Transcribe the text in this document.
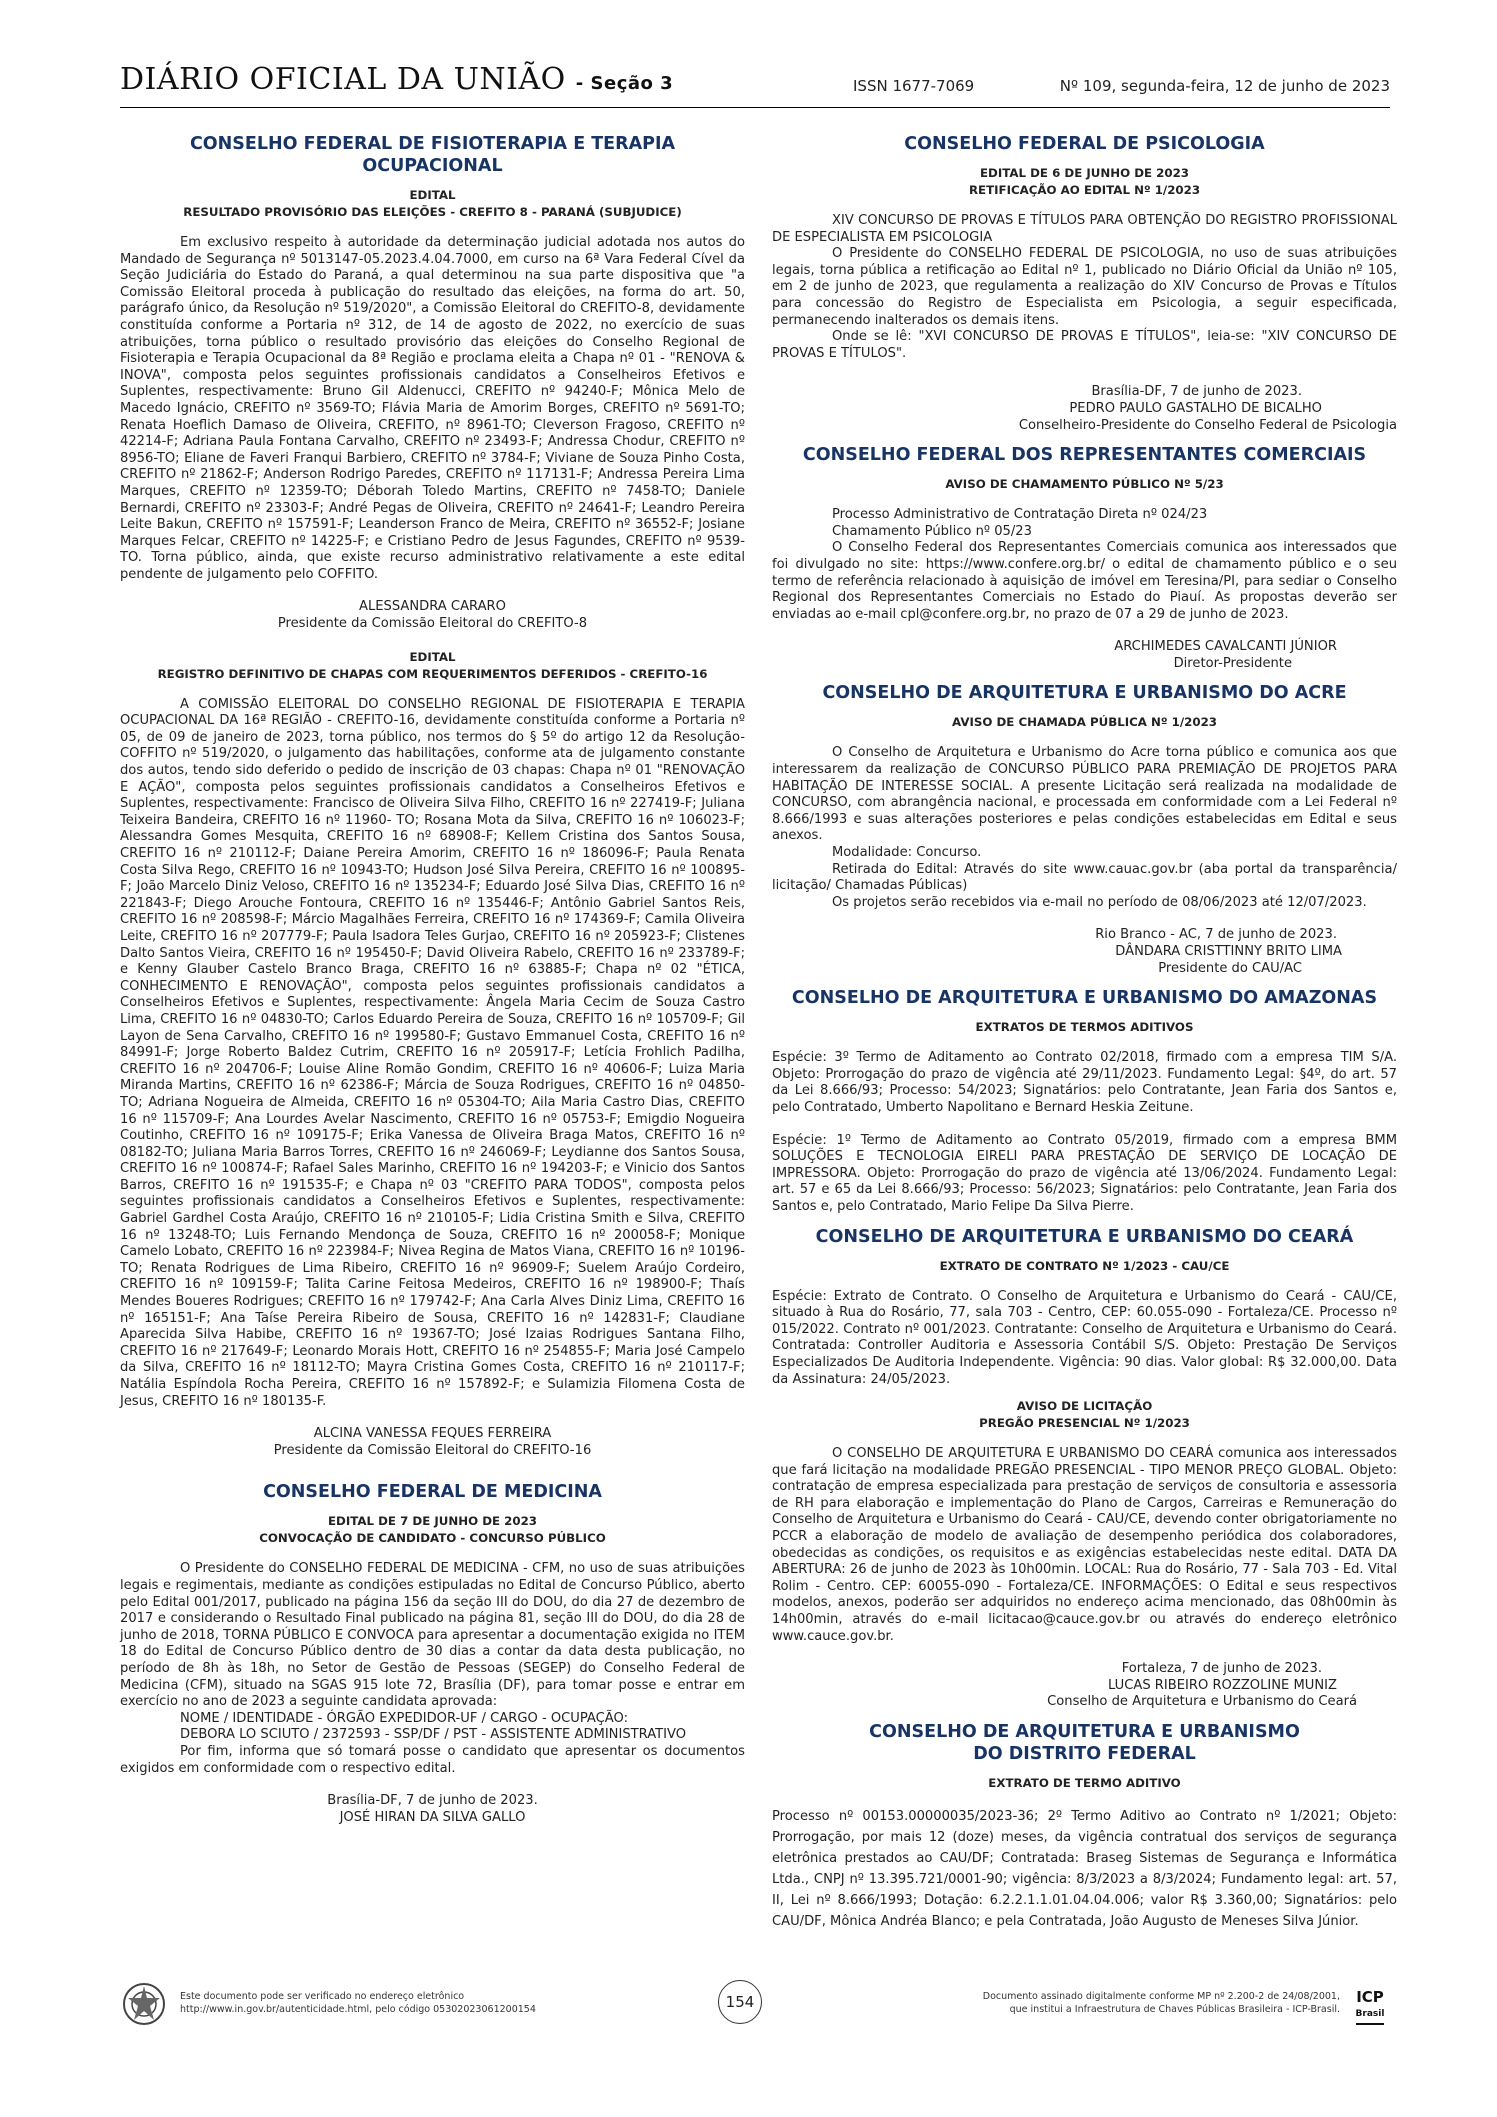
DIÁRIO OFICIAL DA UNIÃO - Seção 3	ISSN 1677-7069	Nº 109, segunda-feira, 12 de junho de 2023
CONSELHO FEDERAL DE FISIOTERAPIA E TERAPIA OCUPACIONAL
EDITAL
RESULTADO PROVISÓRIO DAS ELEIÇÕES - CREFITO 8 - PARANÁ (SUBJUDICE)
Em exclusivo respeito à autoridade da determinação judicial adotada nos autos do Mandado de Segurança nº 5013147-05.2023.4.04.7000, em curso na 6ª Vara Federal Cível da Seção Judiciária do Estado do Paraná, a qual determinou na sua parte dispositiva que "a Comissão Eleitoral proceda à publicação do resultado das eleições, na forma do art. 50, parágrafo único, da Resolução nº 519/2020", a Comissão Eleitoral do CREFITO-8, devidamente constituída conforme a Portaria nº 312, de 14 de agosto de 2022, no exercício de suas atribuições, torna público o resultado provisório das eleições do Conselho Regional de Fisioterapia e Terapia Ocupacional da 8ª Região e proclama eleita a Chapa nº 01 - "RENOVA & INOVA", composta pelos seguintes profissionais candidatos a Conselheiros Efetivos e Suplentes, respectivamente: Bruno Gil Aldenucci, CREFITO nº 94240-F; Mônica Melo de Macedo Ignácio, CREFITO nº 3569-TO; Flávia Maria de Amorim Borges, CREFITO nº 5691-TO; Renata Hoeflich Damaso de Oliveira, CREFITO, nº 8961-TO; Cleverson Fragoso, CREFITO nº 42214-F; Adriana Paula Fontana Carvalho, CREFITO nº 23493-F; Andressa Chodur, CREFITO nº 8956-TO; Eliane de Faveri Franqui Barbiero, CREFITO nº 3784-F; Viviane de Souza Pinho Costa, CREFITO nº 21862-F; Anderson Rodrigo Paredes, CREFITO nº 117131-F; Andressa Pereira Lima Marques, CREFITO nº 12359-TO; Déborah Toledo Martins, CREFITO nº 7458-TO; Daniele Bernardi, CREFITO nº 23303-F; André Pegas de Oliveira, CREFITO nº 24641-F; Leandro Pereira Leite Bakun, CREFITO nº 157591-F; Leanderson Franco de Meira, CREFITO nº 36552-F; Josiane Marques Felcar, CREFITO nº 14225-F; e Cristiano Pedro de Jesus Fagundes, CREFITO nº 9539-TO. Torna público, ainda, que existe recurso administrativo relativamente a este edital pendente de julgamento pelo COFFITO.
ALESSANDRA CARARO
Presidente da Comissão Eleitoral do CREFITO-8
EDITAL
REGISTRO DEFINITIVO DE CHAPAS COM REQUERIMENTOS DEFERIDOS - CREFITO-16
A COMISSÃO ELEITORAL DO CONSELHO REGIONAL DE FISIOTERAPIA E TERAPIA OCUPACIONAL DA 16ª REGIÃO - CREFITO-16, devidamente constituída conforme a Portaria nº 05, de 09 de janeiro de 2023, torna público, nos termos do § 5º do artigo 12 da Resolução-COFFITO nº 519/2020, o julgamento das habilitações, conforme ata de julgamento constante dos autos, tendo sido deferido o pedido de inscrição de 03 chapas: Chapa nº 01 "RENOVAÇÃO E AÇÃO", composta pelos seguintes profissionais candidatos a Conselheiros Efetivos e Suplentes, respectivamente: Francisco de Oliveira Silva Filho, CREFITO 16 nº 227419-F; Juliana Teixeira Bandeira, CREFITO 16 nº 11960- TO; Rosana Mota da Silva, CREFITO 16 nº 106023-F; Alessandra Gomes Mesquita, CREFITO 16 nº 68908-F; Kellem Cristina dos Santos Sousa, CREFITO 16 nº 210112-F; Daiane Pereira Amorim, CREFITO 16 nº 186096-F; Paula Renata Costa Silva Rego, CREFITO 16 nº 10943-TO; Hudson José Silva Pereira, CREFITO 16 nº 100895-F; João Marcelo Diniz Veloso, CREFITO 16 nº 135234-F; Eduardo José Silva Dias, CREFITO 16 nº 221843-F; Diego Arouche Fontoura, CREFITO 16 nº 135446-F; Antônio Gabriel Santos Reis, CREFITO 16 nº 208598-F; Márcio Magalhães Ferreira, CREFITO 16 nº 174369-F; Camila Oliveira Leite, CREFITO 16 nº 207779-F; Paula Isadora Teles Gurjao, CREFITO 16 nº 205923-F; Clistenes Dalto Santos Vieira, CREFITO 16 nº 195450-F; David Oliveira Rabelo, CREFITO 16 nº 233789-F; e Kenny Glauber Castelo Branco Braga, CREFITO 16 nº 63885-F; Chapa nº 02 "ÉTICA, CONHECIMENTO E RENOVAÇÃO", composta pelos seguintes profissionais candidatos a Conselheiros Efetivos e Suplentes, respectivamente: Ângela Maria Cecim de Souza Castro Lima, CREFITO 16 nº 04830-TO; Carlos Eduardo Pereira de Souza, CREFITO 16 nº 105709-F; Gil Layon de Sena Carvalho, CREFITO 16 nº 199580-F; Gustavo Emmanuel Costa, CREFITO 16 nº 84991-F; Jorge Roberto Baldez Cutrim, CREFITO 16 nº 205917-F; Letícia Frohlich Padilha, CREFITO 16 nº 204706-F; Louise Aline Romão Gondim, CREFITO 16 nº 40606-F; Luiza Maria Miranda Martins, CREFITO 16 nº 62386-F; Márcia de Souza Rodrigues, CREFITO 16 nº 04850-TO; Adriana Nogueira de Almeida, CREFITO 16 nº 05304-TO; Aila Maria Castro Dias, CREFITO 16 nº 115709-F; Ana Lourdes Avelar Nascimento, CREFITO 16 nº 05753-F; Emigdio Nogueira Coutinho, CREFITO 16 nº 109175-F; Erika Vanessa de Oliveira Braga Matos, CREFITO 16 nº 08182-TO; Juliana Maria Barros Torres, CREFITO 16 nº 246069-F; Leydianne dos Santos Sousa, CREFITO 16 nº 100874-F; Rafael Sales Marinho, CREFITO 16 nº 194203-F; e Vinicio dos Santos Barros, CREFITO 16 nº 191535-F; e Chapa nº 03 "CREFITO PARA TODOS", composta pelos seguintes profissionais candidatos a Conselheiros Efetivos e Suplentes, respectivamente: Gabriel Gardhel Costa Araújo, CREFITO 16 nº 210105-F; Lidia Cristina Smith e Silva, CREFITO 16 nº 13248-TO; Luis Fernando Mendonça de Souza, CREFITO 16 nº 200058-F; Monique Camelo Lobato, CREFITO 16 nº 223984-F; Nivea Regina de Matos Viana, CREFITO 16 nº 10196-TO; Renata Rodrigues de Lima Ribeiro, CREFITO 16 nº 96909-F; Suelem Araújo Cordeiro, CREFITO 16 nº 109159-F; Talita Carine Feitosa Medeiros, CREFITO 16 nº 198900-F; Thaís Mendes Boueres Rodrigues; CREFITO 16 nº 179742-F; Ana Carla Alves Diniz Lima, CREFITO 16 nº 165151-F; Ana Taíse Pereira Ribeiro de Sousa, CREFITO 16 nº 142831-F; Claudiane Aparecida Silva Habibe, CREFITO 16 nº 19367-TO; José Izaias Rodrigues Santana Filho, CREFITO 16 nº 217649-F; Leonardo Morais Hott, CREFITO 16 nº 254855-F; Maria José Campelo da Silva, CREFITO 16 nº 18112-TO; Mayra Cristina Gomes Costa, CREFITO 16 nº 210117-F; Natália Espíndola Rocha Pereira, CREFITO 16 nº 157892-F; e Sulamizia Filomena Costa de Jesus, CREFITO 16 nº 180135-F.
ALCINA VANESSA FEQUES FERREIRA
Presidente da Comissão Eleitoral do CREFITO-16
CONSELHO FEDERAL DE MEDICINA
EDITAL DE 7 DE JUNHO DE 2023
CONVOCAÇÃO DE CANDIDATO - CONCURSO PÚBLICO
O Presidente do CONSELHO FEDERAL DE MEDICINA - CFM, no uso de suas atribuições legais e regimentais, mediante as condições estipuladas no Edital de Concurso Público, aberto pelo Edital 001/2017, publicado na página 156 da seção III do DOU, do dia 27 de dezembro de 2017 e considerando o Resultado Final publicado na página 81, seção III do DOU, do dia 28 de junho de 2018, TORNA PÚBLICO E CONVOCA para apresentar a documentação exigida no ITEM 18 do Edital de Concurso Público dentro de 30 dias a contar da data desta publicação, no período de 8h às 18h, no Setor de Gestão de Pessoas (SEGEP) do Conselho Federal de Medicina (CFM), situado na SGAS 915 lote 72, Brasília (DF), para tomar posse e entrar em exercício no ano de 2023 a seguinte candidata aprovada:
NOME / IDENTIDADE - ÓRGÃO EXPEDIDOR-UF / CARGO - OCUPAÇÃO:
DEBORA LO SCIUTO / 2372593 - SSP/DF / PST - ASSISTENTE ADMINISTRATIVO
Por fim, informa que só tomará posse o candidato que apresentar os documentos exigidos em conformidade com o respectivo edital.
Brasília-DF, 7 de junho de 2023.
JOSÉ HIRAN DA SILVA GALLO
CONSELHO FEDERAL DE PSICOLOGIA
EDITAL DE 6 DE JUNHO DE 2023
RETIFICAÇÃO AO EDITAL Nº 1/2023
XIV CONCURSO DE PROVAS E TÍTULOS PARA OBTENÇÃO DO REGISTRO PROFISSIONAL DE ESPECIALISTA EM PSICOLOGIA
O Presidente do CONSELHO FEDERAL DE PSICOLOGIA, no uso de suas atribuições legais, torna pública a retificação ao Edital nº 1, publicado no Diário Oficial da União nº 105, em 2 de junho de 2023, que regulamenta a realização do XIV Concurso de Provas e Títulos para concessão do Registro de Especialista em Psicologia, a seguir especificada, permanecendo inalterados os demais itens.
Onde se lê: "XVI CONCURSO DE PROVAS E TÍTULOS", leia-se: "XIV CONCURSO DE PROVAS E TÍTULOS".
Brasília-DF, 7 de junho de 2023.
PEDRO PAULO GASTALHO DE BICALHO
Conselheiro-Presidente do Conselho Federal de Psicologia
CONSELHO FEDERAL DOS REPRESENTANTES COMERCIAIS
AVISO DE CHAMAMENTO PÚBLICO Nº 5/23
Processo Administrativo de Contratação Direta nº 024/23
Chamamento Público nº 05/23
O Conselho Federal dos Representantes Comerciais comunica aos interessados que foi divulgado no site: https://www.confere.org.br/ o edital de chamamento público e o seu termo de referência relacionado à aquisição de imóvel em Teresina/PI, para sediar o Conselho Regional dos Representantes Comerciais no Estado do Piauí. As propostas deverão ser enviadas ao e-mail cpl@confere.org.br, no prazo de 07 a 29 de junho de 2023.
ARCHIMEDES CAVALCANTI JÚNIOR
Diretor-Presidente
CONSELHO DE ARQUITETURA E URBANISMO DO ACRE
AVISO DE CHAMADA PÚBLICA Nº 1/2023
O Conselho de Arquitetura e Urbanismo do Acre torna público e comunica aos que interessarem da realização de CONCURSO PÚBLICO PARA PREMIAÇÃO DE PROJETOS PARA HABITAÇÃO DE INTERESSE SOCIAL. A presente Licitação será realizada na modalidade de CONCURSO, com abrangência nacional, e processada em conformidade com a Lei Federal nº 8.666/1993 e suas alterações posteriores e pelas condições estabelecidas em Edital e seus anexos.
Modalidade: Concurso.
Retirada do Edital: Através do site www.cauac.gov.br (aba portal da transparência/ licitação/ Chamadas Públicas)
Os projetos serão recebidos via e-mail no período de 08/06/2023 até 12/07/2023.
Rio Branco - AC, 7 de junho de 2023.
DÂNDARA CRISTTINNY BRITO LIMA
Presidente do CAU/AC
CONSELHO DE ARQUITETURA E URBANISMO DO AMAZONAS
EXTRATOS DE TERMOS ADITIVOS
Espécie: 3º Termo de Aditamento ao Contrato 02/2018, firmado com a empresa TIM S/A. Objeto: Prorrogação do prazo de vigência até 29/11/2023. Fundamento Legal: §4º, do art. 57 da Lei 8.666/93; Processo: 54/2023; Signatários: pelo Contratante, Jean Faria dos Santos e, pelo Contratado, Umberto Napolitano e Bernard Heskia Zeitune.
Espécie: 1º Termo de Aditamento ao Contrato 05/2019, firmado com a empresa BMM SOLUÇÕES E TECNOLOGIA EIRELI PARA PRESTAÇÃO DE SERVIÇO DE LOCAÇÃO DE IMPRESSORA. Objeto: Prorrogação do prazo de vigência até 13/06/2024. Fundamento Legal: art. 57 e 65 da Lei 8.666/93; Processo: 56/2023; Signatários: pelo Contratante, Jean Faria dos Santos e, pelo Contratado, Mario Felipe Da Silva Pierre.
CONSELHO DE ARQUITETURA E URBANISMO DO CEARÁ
EXTRATO DE CONTRATO Nº 1/2023 - CAU/CE
Espécie: Extrato de Contrato. O Conselho de Arquitetura e Urbanismo do Ceará - CAU/CE, situado à Rua do Rosário, 77, sala 703 - Centro, CEP: 60.055-090 - Fortaleza/CE. Processo nº 015/2022. Contrato nº 001/2023. Contratante: Conselho de Arquitetura e Urbanismo do Ceará. Contratada: Controller Auditoria e Assessoria Contábil S/S. Objeto: Prestação De Serviços Especializados De Auditoria Independente. Vigência: 90 dias. Valor global: R$ 32.000,00. Data da Assinatura: 24/05/2023.
AVISO DE LICITAÇÃO
PREGÃO PRESENCIAL Nº 1/2023
O CONSELHO DE ARQUITETURA E URBANISMO DO CEARÁ comunica aos interessados que fará licitação na modalidade PREGÃO PRESENCIAL - TIPO MENOR PREÇO GLOBAL. Objeto: contratação de empresa especializada para prestação de serviços de consultoria e assessoria de RH para elaboração e implementação do Plano de Cargos, Carreiras e Remuneração do Conselho de Arquitetura e Urbanismo do Ceará - CAU/CE, devendo conter obrigatoriamente no PCCR a elaboração de modelo de avaliação de desempenho periódica dos colaboradores, obedecidas as condições, os requisitos e as exigências estabelecidas neste edital. DATA DA ABERTURA: 26 de junho de 2023 às 10h00min. LOCAL: Rua do Rosário, 77 - Sala 703 - Ed. Vital Rolim - Centro. CEP: 60055-090 - Fortaleza/CE. INFORMAÇÕES: O Edital e seus respectivos modelos, anexos, poderão ser adquiridos no endereço acima mencionado, das 08h00min às 14h00min, através do e-mail licitacao@cauce.gov.br ou através do endereço eletrônico www.cauce.gov.br.
Fortaleza, 7 de junho de 2023.
LUCAS RIBEIRO ROZZOLINE MUNIZ
Conselho de Arquitetura e Urbanismo do Ceará
CONSELHO DE ARQUITETURA E URBANISMO
DO DISTRITO FEDERAL
EXTRATO DE TERMO ADITIVO
Processo nº 00153.00000035/2023-36; 2º Termo Aditivo ao Contrato nº 1/2021; Objeto: Prorrogação, por mais 12 (doze) meses, da vigência contratual dos serviços de segurança eletrônica prestados ao CAU/DF; Contratada: Braseg Sistemas de Segurança e Informática Ltda., CNPJ nº 13.395.721/0001-90; vigência: 8/3/2023 a 8/3/2024; Fundamento legal: art. 57, II, Lei nº 8.666/1993; Dotação: 6.2.2.1.1.01.04.04.006; valor R$ 3.360,00; Signatários: pelo CAU/DF, Mônica Andréa Blanco; e pela Contratada, João Augusto de Meneses Silva Júnior.
Este documento pode ser verificado no endereço eletrônico
http://www.in.gov.br/autenticidade.html, pelo código 05302023061200154	154	Documento assinado digitalmente conforme MP nº 2.200-2 de 24/08/2001,
que institui a Infraestrutura de Chaves Públicas Brasileira - ICP-Brasil.
ICP
Brasil
